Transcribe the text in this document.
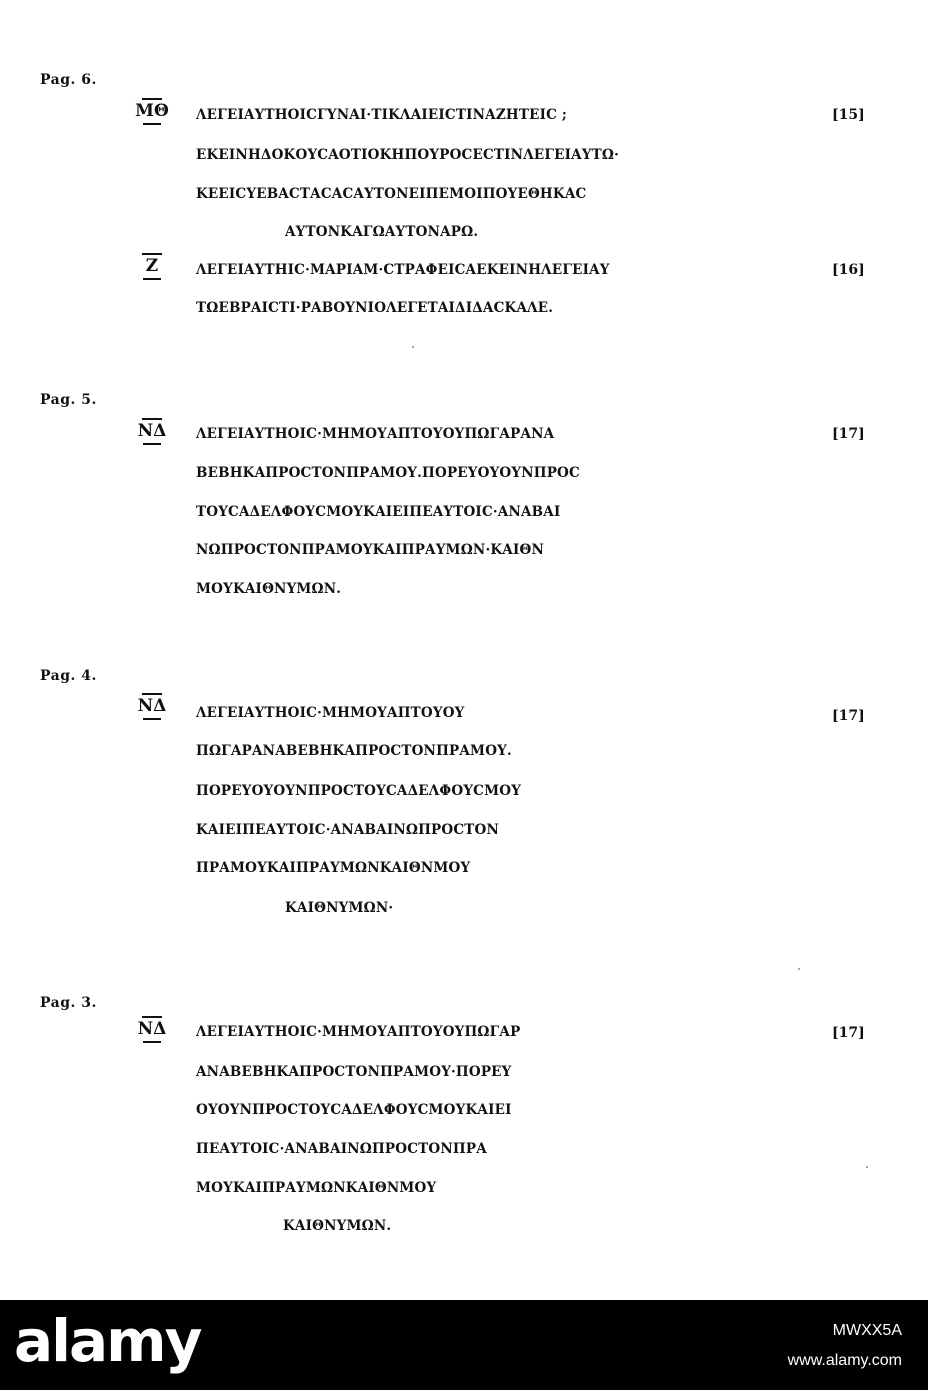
Pag. 6.
ΜΘ	ΛΕΓΕΙΑΥΤΗΟΙϹΓΥΝΑΙ·ΤΙΚΛΑΙΕΙϹΤΙΝΑΖΗΤΕΙϹ ;	[15]
ΕΚΕΙΝΗΔΟΚΟΥϹΑΟΤΙΟΚΗΠΟΥΡΟϹΕϹΤΙΝΛΕΓΕΙΑΥΤΩ·
ΚΕΕΙϹΥΕΒΑϹΤΑϹΑϹΑΥΤΟΝΕΙΠΕΜΟΙΠΟΥΕΘΗΚΑϹ
ΑΥΤΟΝΚΑΓΩΑΥΤΟΝΑΡΩ.
Ζ	ΛΕΓΕΙΑΥΤΗΙϹ·ΜΑΡΙΑΜ·ϹΤΡΑΦΕΙϹΑΕΚΕΙΝΗΛΕΓΕΙΑΥ	[16]
ΤΩΕΒΡΑΙϹΤΙ·ΡΑΒΟΥΝΙΟΛΕΓΕΤΑΙΔΙΔΑϹΚΑΛΕ.
Pag. 5.
ΝΔ	ΛΕΓΕΙΑΥΤΗΟΙϹ·ΜΗΜΟΥΑΠΤΟΥΟΥΠΩΓΑΡΑΝΑ	[17]
ΒΕΒΗΚΑΠΡΟϹΤΟΝΠΡΑΜΟΥ.ΠΟΡΕΥΟΥΟΥΝΠΡΟϹ
ΤΟΥϹΑΔΕΛΦΟΥϹΜΟΥΚΑΙΕΙΠΕΑΥΤΟΙϹ·ΑΝΑΒΑΙ
ΝΩΠΡΟϹΤΟΝΠΡΑΜΟΥΚΑΙΠΡΑΥΜΩΝ·ΚΑΙΘΝ
ΜΟΥΚΑΙΘΝΥΜΩΝ.
Pag. 4.
ΝΔ	ΛΕΓΕΙΑΥΤΗΟΙϹ·ΜΗΜΟΥΑΠΤΟΥΟΥ	[17]
ΠΩΓΑΡΑΝΑΒΕΒΗΚΑΠΡΟϹΤΟΝΠΡΑΜΟΥ.
ΠΟΡΕΥΟΥΟΥΝΠΡΟϹΤΟΥϹΑΔΕΛΦΟΥϹΜΟΥ
ΚΑΙΕΙΠΕΑΥΤΟΙϹ·ΑΝΑΒΑΙΝΩΠΡΟϹΤΟΝ
ΠΡΑΜΟΥΚΑΙΠΡΑΥΜΩΝΚΑΙΘΝΜΟΥ
ΚΑΙΘΝΥΜΩΝ·
Pag. 3.
ΝΔ	ΛΕΓΕΙΑΥΤΗΟΙϹ·ΜΗΜΟΥΑΠΤΟΥΟΥΠΩΓΑΡ	[17]
ΑΝΑΒΕΒΗΚΑΠΡΟϹΤΟΝΠΡΑΜΟΥ·ΠΟΡΕΥ
ΟΥΟΥΝΠΡΟϹΤΟΥϹΑΔΕΛΦΟΥϹΜΟΥΚΑΙΕΙ
ΠΕΑΥΤΟΙϹ·ΑΝΑΒΑΙΝΩΠΡΟϹΤΟΝΠΡΑ
ΜΟΥΚΑΙΠΡΑΥΜΩΝΚΑΙΘΝΜΟΥ
ΚΑΙΘΝΥΜΩΝ.
alamy	MWXX5A
www.alamy.com
